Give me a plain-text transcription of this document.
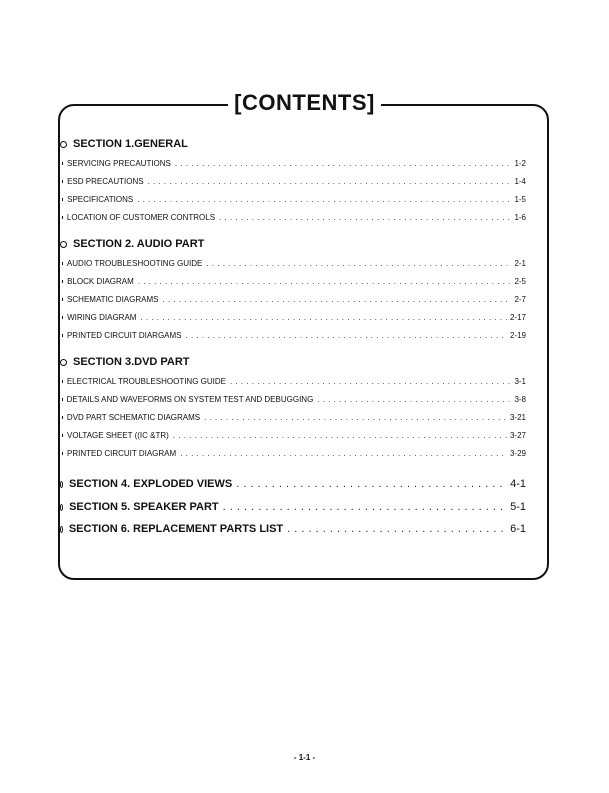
[CONTENTS]
SECTION 1.GENERAL
SERVICING PRECAUTIONS . . .	1-2
ESD PRECAUTIONS . . .	1-4
SPECIFICATIONS . . .	1-5
LOCATION OF CUSTOMER CONTROLS . . .	1-6
SECTION 2. AUDIO PART
AUDIO TROUBLESHOOTING GUIDE . . .	2-1
BLOCK DIAGRAM . . .	2-5
SCHEMATIC DIAGRAMS . . .	2-7
WIRING DIAGRAM . . .	2-17
PRINTED CIRCUIT DIARGAMS . . .	2-19
SECTION 3.DVD PART
ELECTRICAL TROUBLESHOOTING GUIDE . . .	3-1
DETAILS AND WAVEFORMS ON SYSTEM TEST AND DEBUGGING . . .	3-8
DVD PART SCHEMATIC DIAGRAMS . . .	3-21
VOLTAGE SHEET ((IC &TR) . . .	3-27
PRINTED CIRCUIT DIAGRAM . . .	3-29
SECTION 4. EXPLODED VIEWS . . .	4-1
SECTION 5. SPEAKER PART . . .	5-1
SECTION 6. REPLACEMENT PARTS LIST . . .	6-1
- 1-1 -
